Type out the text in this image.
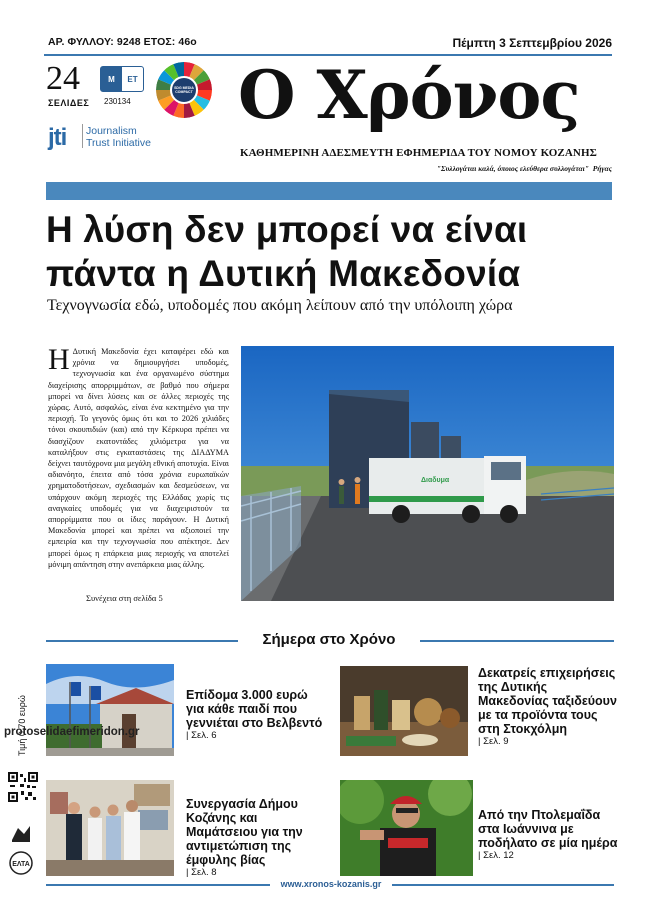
ΑΡ. ΦΥΛΛΟΥ: 9248 ΕΤΟΣ: 46ο	Πέμπτη 3 Σεπτεμβρίου 2026
24
ΣΕΛΙΔΕΣ
Μ	ΕΤ
230134
SDG MEDIA COMPACT
jti Journalism
Trust Initiative
Ο Χρόνος
ΚΑΘΗΜΕΡΙΝΗ ΑΔΕΣΜΕΥΤΗ ΕΦΗΜΕΡΙΔΑ ΤΟΥ ΝΟΜΟΥ ΚΟΖΑΝΗΣ
"Συλλογάται καλά, όποιος ελεύθερα συλλογάται" Ρήγας
Η λύση δεν μπορεί να είναι
πάντα η Δυτική Μακεδονία
Τεχνογνωσία εδώ, υποδομές που ακόμη λείπουν από την υπόλοιπη χώρα
Η Δυτική Μακεδονία έχει καταφέρει εδώ και χρόνια να δημιουργήσει υποδομές, τεχνογνωσία και ένα οργανωμένο σύστημα διαχείρισης απορριμμάτων, σε βαθμό που σήμερα μπορεί να δίνει λύσεις και σε άλλες περιοχές της χώρας. Αυτό, ασφαλώς, είναι ένα κεκτημένο για την περιοχή. Το γεγονός όμως ότι και το 2026 χιλιάδες τόνοι σκουπιδιών (και) από την Κέρκυρα πρέπει να διασχίζουν εκατοντάδες χιλιόμετρα για να καταλήξουν στις εγκαταστάσεις της ΔΙΑΔΥΜΑ δείχνει ταυτόχρονα μια μεγάλη εθνική αποτυχία. Είναι αδιανόητο, έπειτα από τόσα χρόνια ευρωπαϊκών χρηματοδοτήσεων, σχεδιασμών και δεσμεύσεων, να υπάρχουν ακόμη περιοχές της Ελλάδας χωρίς τις αναγκαίες υποδομές για να διαχειριστούν τα απορρίμματα που οι ίδιες παράγουν. Η Δυτική Μακεδονία μπορεί και πρέπει να αξιοποιεί την εμπειρία και την τεχνογνωσία που απέκτησε. Δεν μπορεί όμως η επάρκεια μιας περιοχής να αποτελεί μόνιμη απάντηση στην ανεπάρκεια μιας άλλης.
Συνέχεια στη σελίδα 5
Διαδυμα
Σήμερα στο Χρόνο
Επίδομα 3.000 ευρώ για κάθε παιδί που γεννιέται στο Βελβεντό
| Σελ. 6
Δεκατρείς επιχειρήσεις της Δυτικής Μακεδονίας ταξιδεύουν με τα προϊόντα τους στη Στοκχόλμη
| Σελ. 9
Συνεργασία Δήμου Κοζάνης και Μαμάτσειου για την αντιμετώπιση της έμφυλης βίας
| Σελ. 8
Από την Πτολεμαΐδα στα Ιωάννινα με ποδήλατο σε μία ημέρα
| Σελ. 12
Τιμή 0,70 ευρώ
protoselidaefimeridon.gr
ΕΛΤΑ
www.xronos-kozanis.gr
